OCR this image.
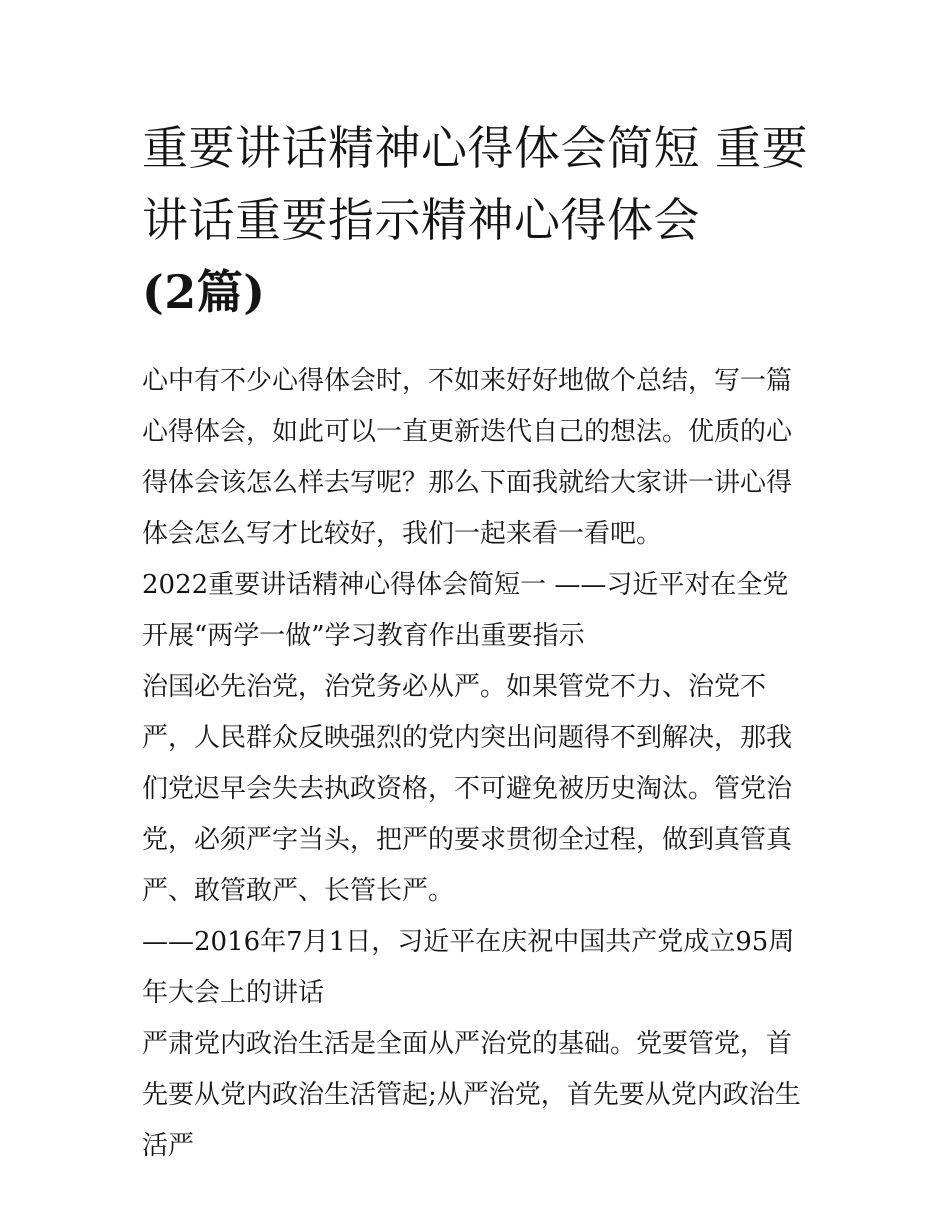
重要讲话精神心得体会简短 重要讲话重要指示精神心得体会
(2篇)

心中有不少心得体会时，不如来好好地做个总结，写一篇心得体会，如此可以一直更新迭代自己的想法。优质的心得体会该怎么样去写呢？那么下面我就给大家讲一讲心得体会怎么写才比较好，我们一起来看一看吧。

2022重要讲话精神心得体会简短一 ——习近平对在全党开展“两学一做”学习教育作出重要指示

治国必先治党，治党务必从严。如果管党不力、治党不严，人民群众反映强烈的党内突出问题得不到解决，那我们党迟早会失去执政资格，不可避免被历史淘汰。管党治党，必须严字当头，把严的要求贯彻全过程，做到真管真严、敢管敢严、长管长严。

——2016年7月1日，习近平在庆祝中国共产党成立95周年大会上的讲话

严肃党内政治生活是全面从严治党的基础。党要管党，首先要从党内政治生活管起;从严治党，首先要从党内政治生活严
